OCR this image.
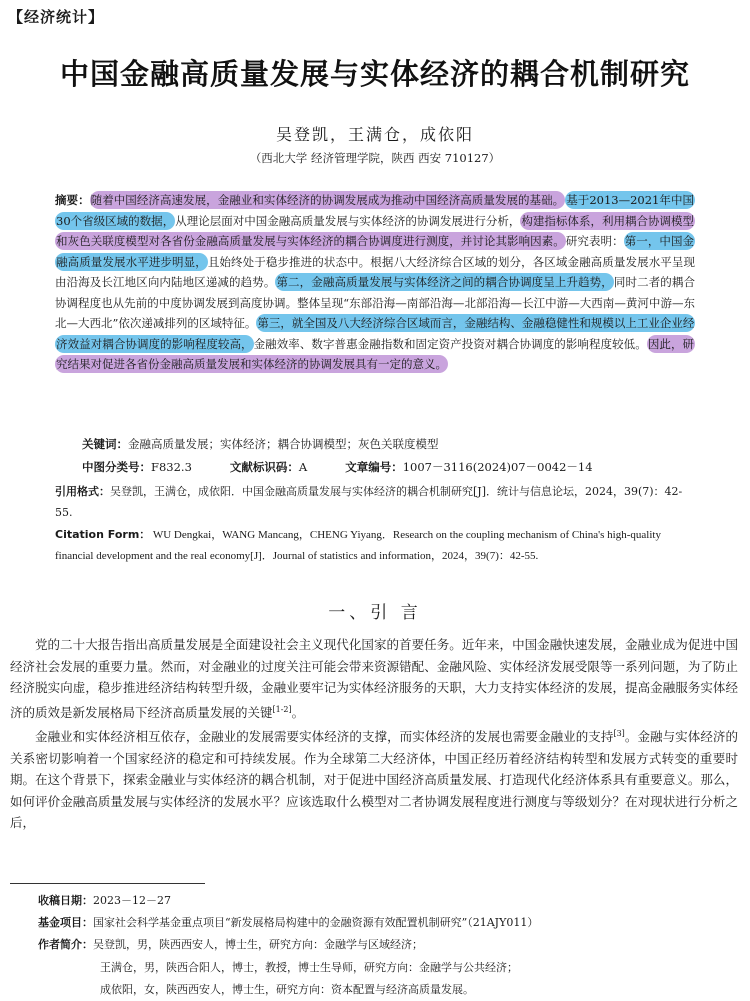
【经济统计】
中国金融高质量发展与实体经济的耦合机制研究
吴登凯，王满仓，成依阳
（西北大学 经济管理学院，陕西 西安 710127）
摘要：随着中国经济高速发展，金融业和实体经济的协调发展成为推动中国经济高质量发展的基础。 基于2013—2021年中国30个省级区域的数据，从理论层面对中国金融高质量发展与实体经济的协调发展进行分析，构建指标体系，利用耦合协调模型和灰色关联度模型对各省份金融高质量发展与实体经济的耦合协调度进行测度，并讨论其影响因素。研究表明：第一，中国金融高质量发展水平进步明显，且始终处于稳步推进的状态中。根据八大经济综合区域的划分，各区域金融高质量发展水平呈现由沿海及长江地区向内陆地区递减的趋势。第二，金融高质量发展与实体经济之间的耦合协调度呈上升趋势，同时二者的耦合协调程度也从先前的中度协调发展到高度协调。整体呈现“东部沿海—南部沿海—北部沿海—长江中游—大西南—黄河中游—东北—大西北”依次递减排列的区域特征。第三，就全国及八大经济综合区域而言，金融结构、金融稳健性和规模以上工业企业经济效益对耦合协调度的影响程度较高，金融效率、数字普惠金融指数和固定资产投资对耦合协调度的影响程度较低。因此，研究结果对促进各省份金融高质量发展和实体经济的协调发展具有一定的意义。
关键词：金融高质量发展；实体经济；耦合协调模型；灰色关联度模型
中图分类号：F832.3	文献标识码：A	文章编号：1007－3116(2024)07－0042－14
引用格式：吴登凯，王满仓，成依阳．中国金融高质量发展与实体经济的耦合机制研究[J]．统计与信息论坛，2024，39(7)：42-55.
Citation Form： WU Dengkai，WANG Mancang，CHENG Yiyang．Research on the coupling mechanism of China's high-quality financial development and the real economy[J]．Journal of statistics and information，2024，39(7)：42-55.
一、引 言

党的二十大报告指出高质量发展是全面建设社会主义现代化国家的首要任务。近年来，中国金融快速发展，金融业成为促进中国经济社会发展的重要力量。然而，对金融业的过度关注可能会带来资源错配、金融风险、实体经济发展受限等一系列问题，为了防止经济脱实向虚，稳步推进经济结构转型升级，金融业要牢记为实体经济服务的天职，大力支持实体经济的发展，提高金融服务实体经济的质效是新发展格局下经济高质量发展的关键[1-2]。

金融业和实体经济相互依存，金融业的发展需要实体经济的支撑，而实体经济的发展也需要金融业的支持[3]。金融与实体经济的关系密切影响着一个国家经济的稳定和可持续发展。作为全球第二大经济体，中国正经历着经济结构转型和发展方式转变的重要时期。在这个背景下，探索金融业与实体经济的耦合机制，对于促进中国经济高质量发展、打造现代化经济体系具有重要意义。那么，如何评价金融高质量发展与实体经济的发展水平？应该选取什么模型对二者协调发展程度进行测度与等级划分？在对现状进行分析之后，

收稿日期：2023－12－27
基金项目：国家社会科学基金重点项目“新发展格局构建中的金融资源有效配置机制研究”（21AJY011）
作者简介：吴登凯，男，陕西西安人，博士生，研究方向：金融学与区域经济；
王满仓，男，陕西合阳人，博士，教授，博士生导师，研究方向：金融学与公共经济；
成依阳，女，陕西西安人，博士生，研究方向：资本配置与经济高质量发展。
